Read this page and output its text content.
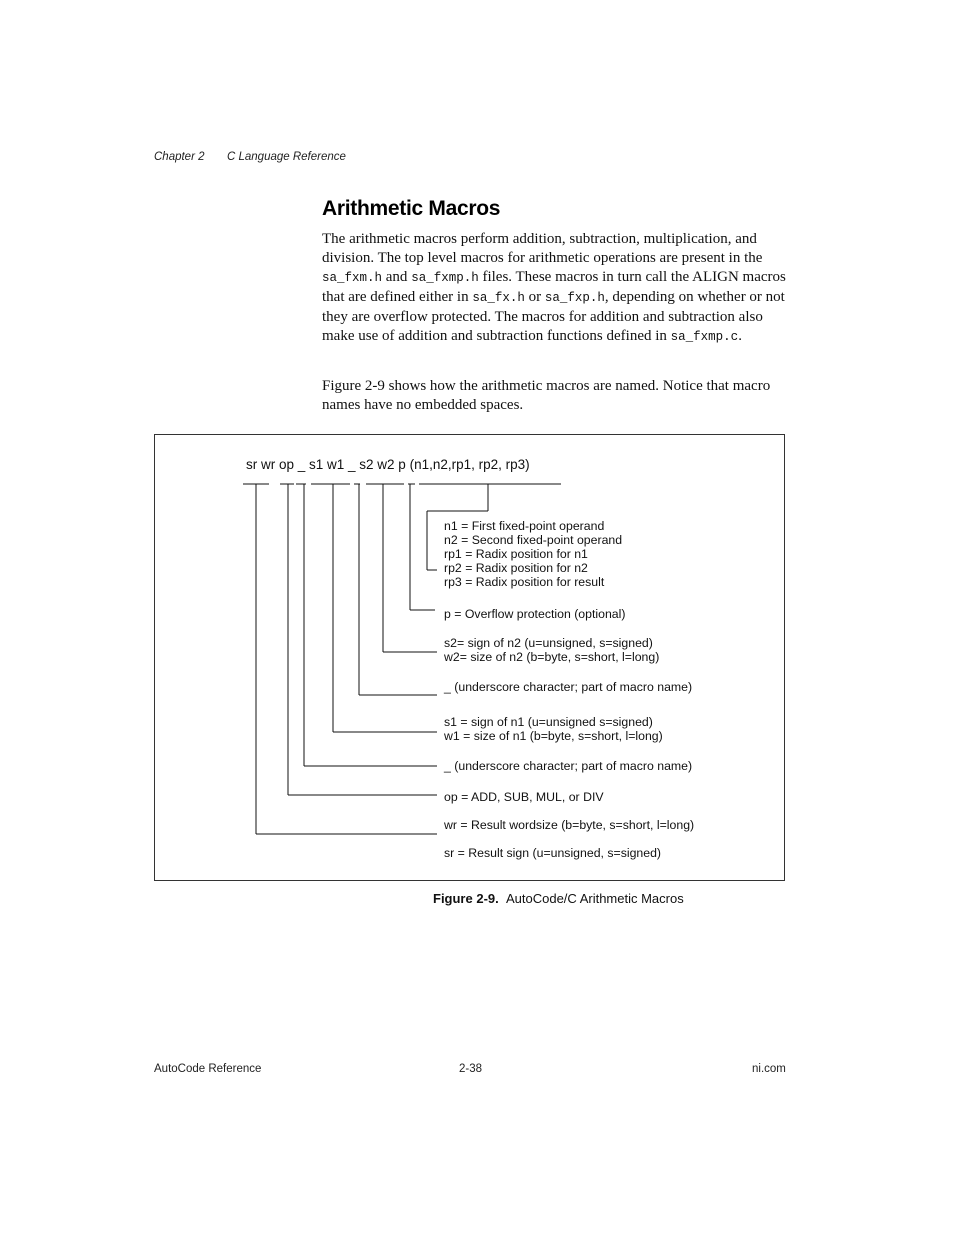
Chapter 2 C Language Reference
Arithmetic Macros
The arithmetic macros perform addition, subtraction, multiplication, and division. The top level macros for arithmetic operations are present in the sa_fxm.h and sa_fxmp.h files. These macros in turn call the ALIGN macros that are defined either in sa_fx.h or sa_fxp.h, depending on whether or not they are overflow protected. The macros for addition and subtraction also make use of addition and subtraction functions defined in sa_fxmp.c.
Figure 2-9 shows how the arithmetic macros are named. Notice that macro names have no embedded spaces.
sr wr op _ s1 w1 _ s2 w2 p (n1,n2,rp1, rp2, rp3)
n1 = First fixed-point operand
n2 = Second fixed-point operand
rp1 = Radix position for n1
rp2 = Radix position for n2
rp3 = Radix position for result
p = Overflow protection (optional)
s2= sign of n2 (u=unsigned, s=signed)
w2= size of n2 (b=byte, s=short, l=long)
_ (underscore character; part of macro name)
s1 = sign of n1 (u=unsigned s=signed)
w1 = size of n1 (b=byte, s=short, l=long)
_ (underscore character; part of macro name)
op = ADD, SUB, MUL, or DIV
wr = Result wordsize (b=byte, s=short, l=long)
sr = Result sign (u=unsigned, s=signed)
Figure 2-9. AutoCode/C Arithmetic Macros
AutoCode Reference	2-38	ni.com
